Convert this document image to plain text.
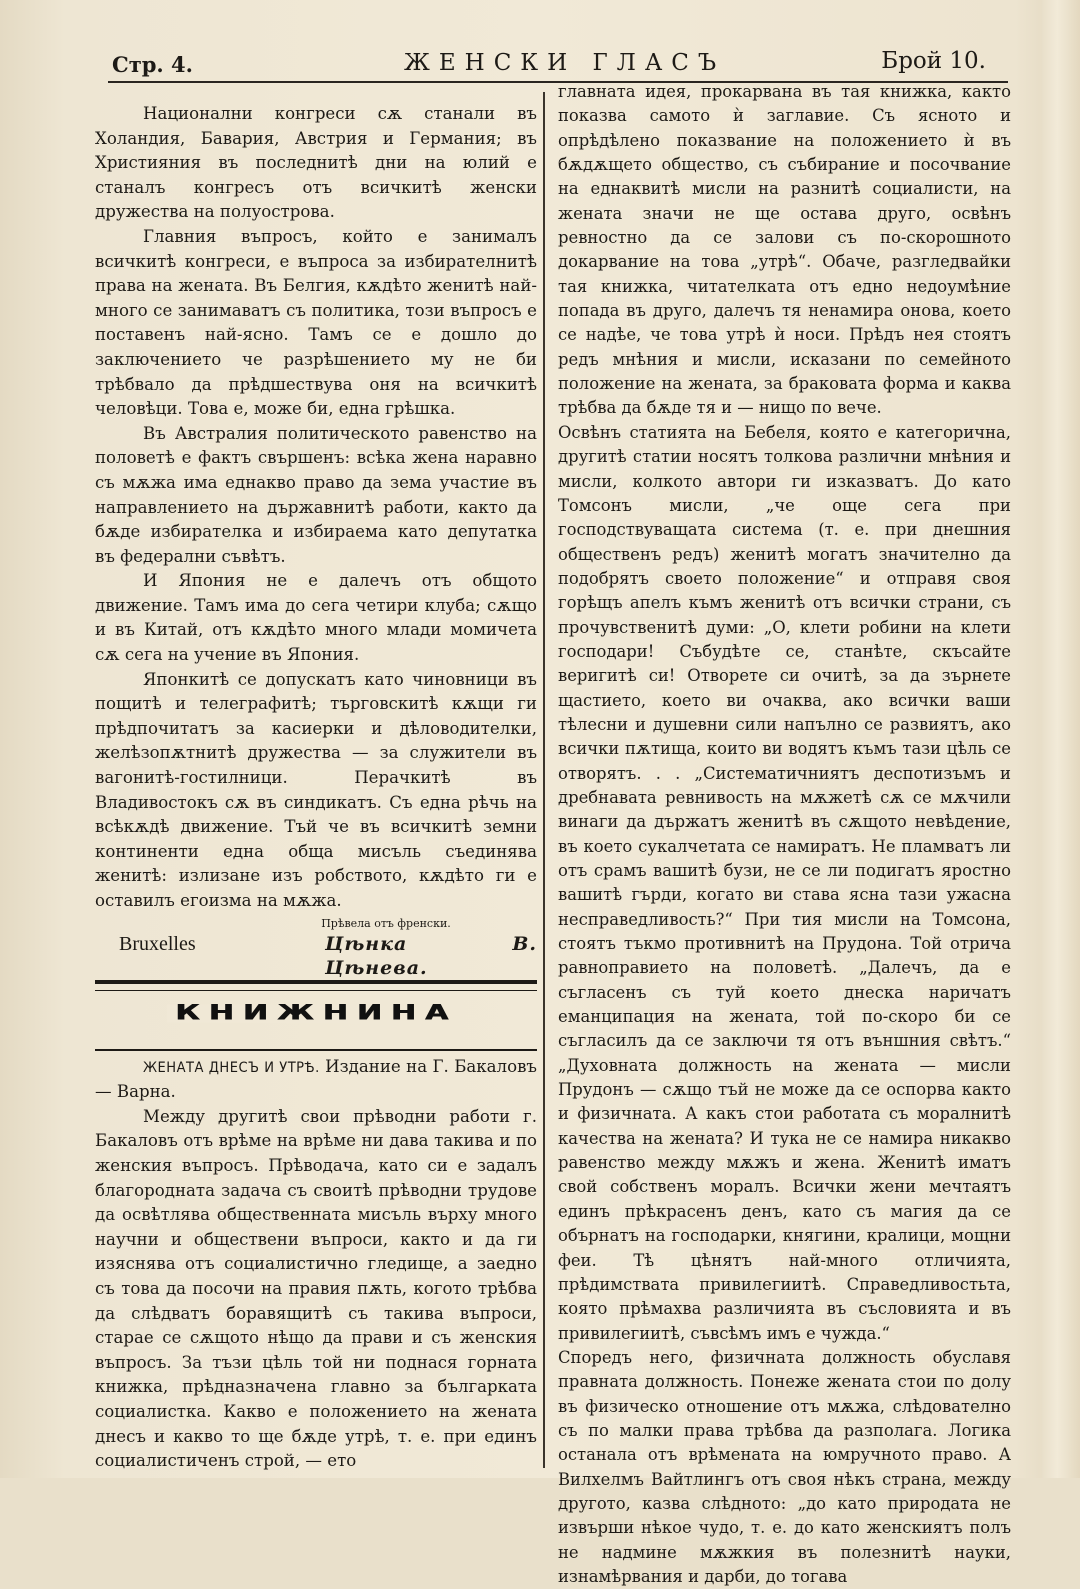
Стр. 4.	ЖЕНСКИ ГЛАСЪ	Брой 10.

Национални конгреси сѫ станали въ Холандия, Бавария, Австрия и Германия; въ Християния въ последнитѣ дни на юлий е станалъ конгресъ отъ всичкитѣ женски дружества на полуострова.

Главния въпросъ, който е занималъ всичкитѣ конгреси, е въпроса за избирателнитѣ права на жената. Въ Белгия, кѫдѣто женитѣ най-много се занимаватъ съ политика, този въпросъ е поставенъ най-ясно. Тамъ се е дошло до заключението че разрѣшението му не би трѣбвало да прѣдшествува оня на всичкитѣ человѣци. Това е, може би, една грѣшка.

Въ Австралия политическото равенство на половетѣ е фактъ свършенъ: всѣка жена наравно съ мѫжа има еднакво право да зема участие въ направлението на държавнитѣ работи, както да бѫде избирателка и избираема като депутатка въ федерални съвѣтъ.

И Япония не е далечъ отъ общото движение. Тамъ има до сега четири клуба; сѫщо и въ Китай, отъ кѫдѣто много млади момичета сѫ сега на учение въ Япония.

Японкитѣ се допускатъ като чиновници въ пощитѣ и телеграфитѣ; търговскитѣ кѫщи ги прѣдпочитатъ за касиерки и дѣловодителки, желѣзопѫтнитѣ дружества — за служители въ вагонитѣ-гостилници. Перачкитѣ въ Владивостокъ сѫ въ синдикатъ. Съ една рѣчь на всѣкѫдѣ движение. Тъй че въ всичкитѣ земни континенти една обща мисъль съединява женитѣ: излизане изъ робството, кѫдѣто ги е оставилъ егоизма на мѫжа.

Прѣвела отъ френски.
Bruxelles	Цѣнка В. Цѣнева.
КНИЖНИНА

ЖЕНАТА ДНЕСЪ И УТРѢ. Издание на Г. Бакаловъ — Варна.

Между другитѣ свои прѣводни работи г. Бакаловъ отъ врѣме на врѣме ни дава такива и по женския въпросъ. Прѣводача, като си е задалъ благородната задача съ своитѣ прѣводни трудове да освѣтлява общественната мисъль върху много научни и обществени въпроси, както и да ги изяснява отъ социалистично гледище, а заедно съ това да посочи на правия пѫть, когото трѣбва да слѣдватъ боравящитѣ съ такива въпроси, старае се сѫщото нѣщо да прави и съ женския въпросъ. За тъзи цѣль той ни поднася горната книжка, прѣдназначена главно за българката социалистка. Какво е положението на жената днесъ и какво то ще бѫде утрѣ, т. е. при единъ социалистиченъ строй, — ето

главната идея, прокарвана въ тая книжка, както показва самото ѝ заглавие. Съ ясното и опрѣдѣлено показвание на положението ѝ въ бѫдѫщето общество, съ събирание и посочвание на еднаквитѣ мисли на разнитѣ социалисти, на жената значи не ще остава друго, освѣнъ ревностно да се залови съ по-скорошното докарвание на това „утрѣ“. Обаче, разгледвайки тая книжка, читателката отъ едно недоумѣние попада въ друго, далечъ тя ненамира онова, което се надѣе, че това утрѣ ѝ носи. Прѣдъ нея стоятъ редъ мнѣния и мисли, исказани по семейното положение на жената, за браковата форма и каква трѣбва да бѫде тя и — нищо по вече.

Освѣнъ статията на Бебеля, която е категорична, другитѣ статии носятъ толкова различни мнѣния и мисли, колкото автори ги изказватъ. До като Томсонъ мисли, „че още сега при господствуващата система (т. е. при днешния общественъ редъ) женитѣ могатъ значително да подобрятъ своето положение“ и отправя своя горѣщъ апелъ къмъ женитѣ отъ всички страни, съ прочувственитѣ думи: „О, клети робини на клети господари! Събудѣте се, станѣте, скъсайте веригитѣ си! Отворете си очитѣ, за да зърнете щастието, което ви очаква, ако всички ваши тѣлесни и душевни сили напълно се развиятъ, ако всички пѫтища, които ви водятъ къмъ тази цѣль се отворятъ. . . „Систематичниятъ деспотизъмъ и дребнавата ревнивость на мѫжетѣ сѫ се мѫчили винаги да държатъ женитѣ въ сѫщото невѣдение, въ което сукалчетата се намиратъ. Не пламватъ ли отъ срамъ вашитѣ бузи, не се ли подигатъ яростно вашитѣ гърди, когато ви става ясна тази ужасна несправедливость?“ При тия мисли на Томсона, стоятъ тъкмо противнитѣ на Прудона. Той отрича равноправието на половетѣ. „Далечъ, да е съгласенъ съ туй което днеска наричатъ еманципация на жената, той по-скоро би се съгласилъ да се заключи тя отъ външния свѣтъ.“ „Духовната должность на жената — мисли Прудонъ — сѫщо тъй не може да се оспорва както и физичната. А какъ стои работата съ моралнитѣ качества на жената? И тука не се намира никакво равенство между мѫжъ и жена. Женитѣ иматъ свой собственъ моралъ. Всички жени мечтаятъ единъ прѣкрасенъ денъ, като съ магия да се обърнатъ на господарки, княгини, кралици, мощни феи. Тѣ цѣнятъ най-много отличията, прѣдимствата привилегиитѣ. Справедливостьта, която прѣмахва различията въ съсловията и въ привилегиитѣ, съвсѣмъ имъ е чужда.“

Споредъ него, физичната должность обуславя правната должность. Понеже жената стои по долу въ физическо отношение отъ мѫжа, слѣдователно съ по малки права трѣбва да разполага. Логика останала отъ врѣмената на юмручното право. А Вилхелмъ Вайтлингъ отъ своя нѣкъ страна, между другото, казва слѣдното: „до като природата не извърши нѣкое чудо, т. е. до като женскиятъ полъ не надмине мѫжкия въ полезнитѣ науки, изнамѣрвания и дарби, до тогава
